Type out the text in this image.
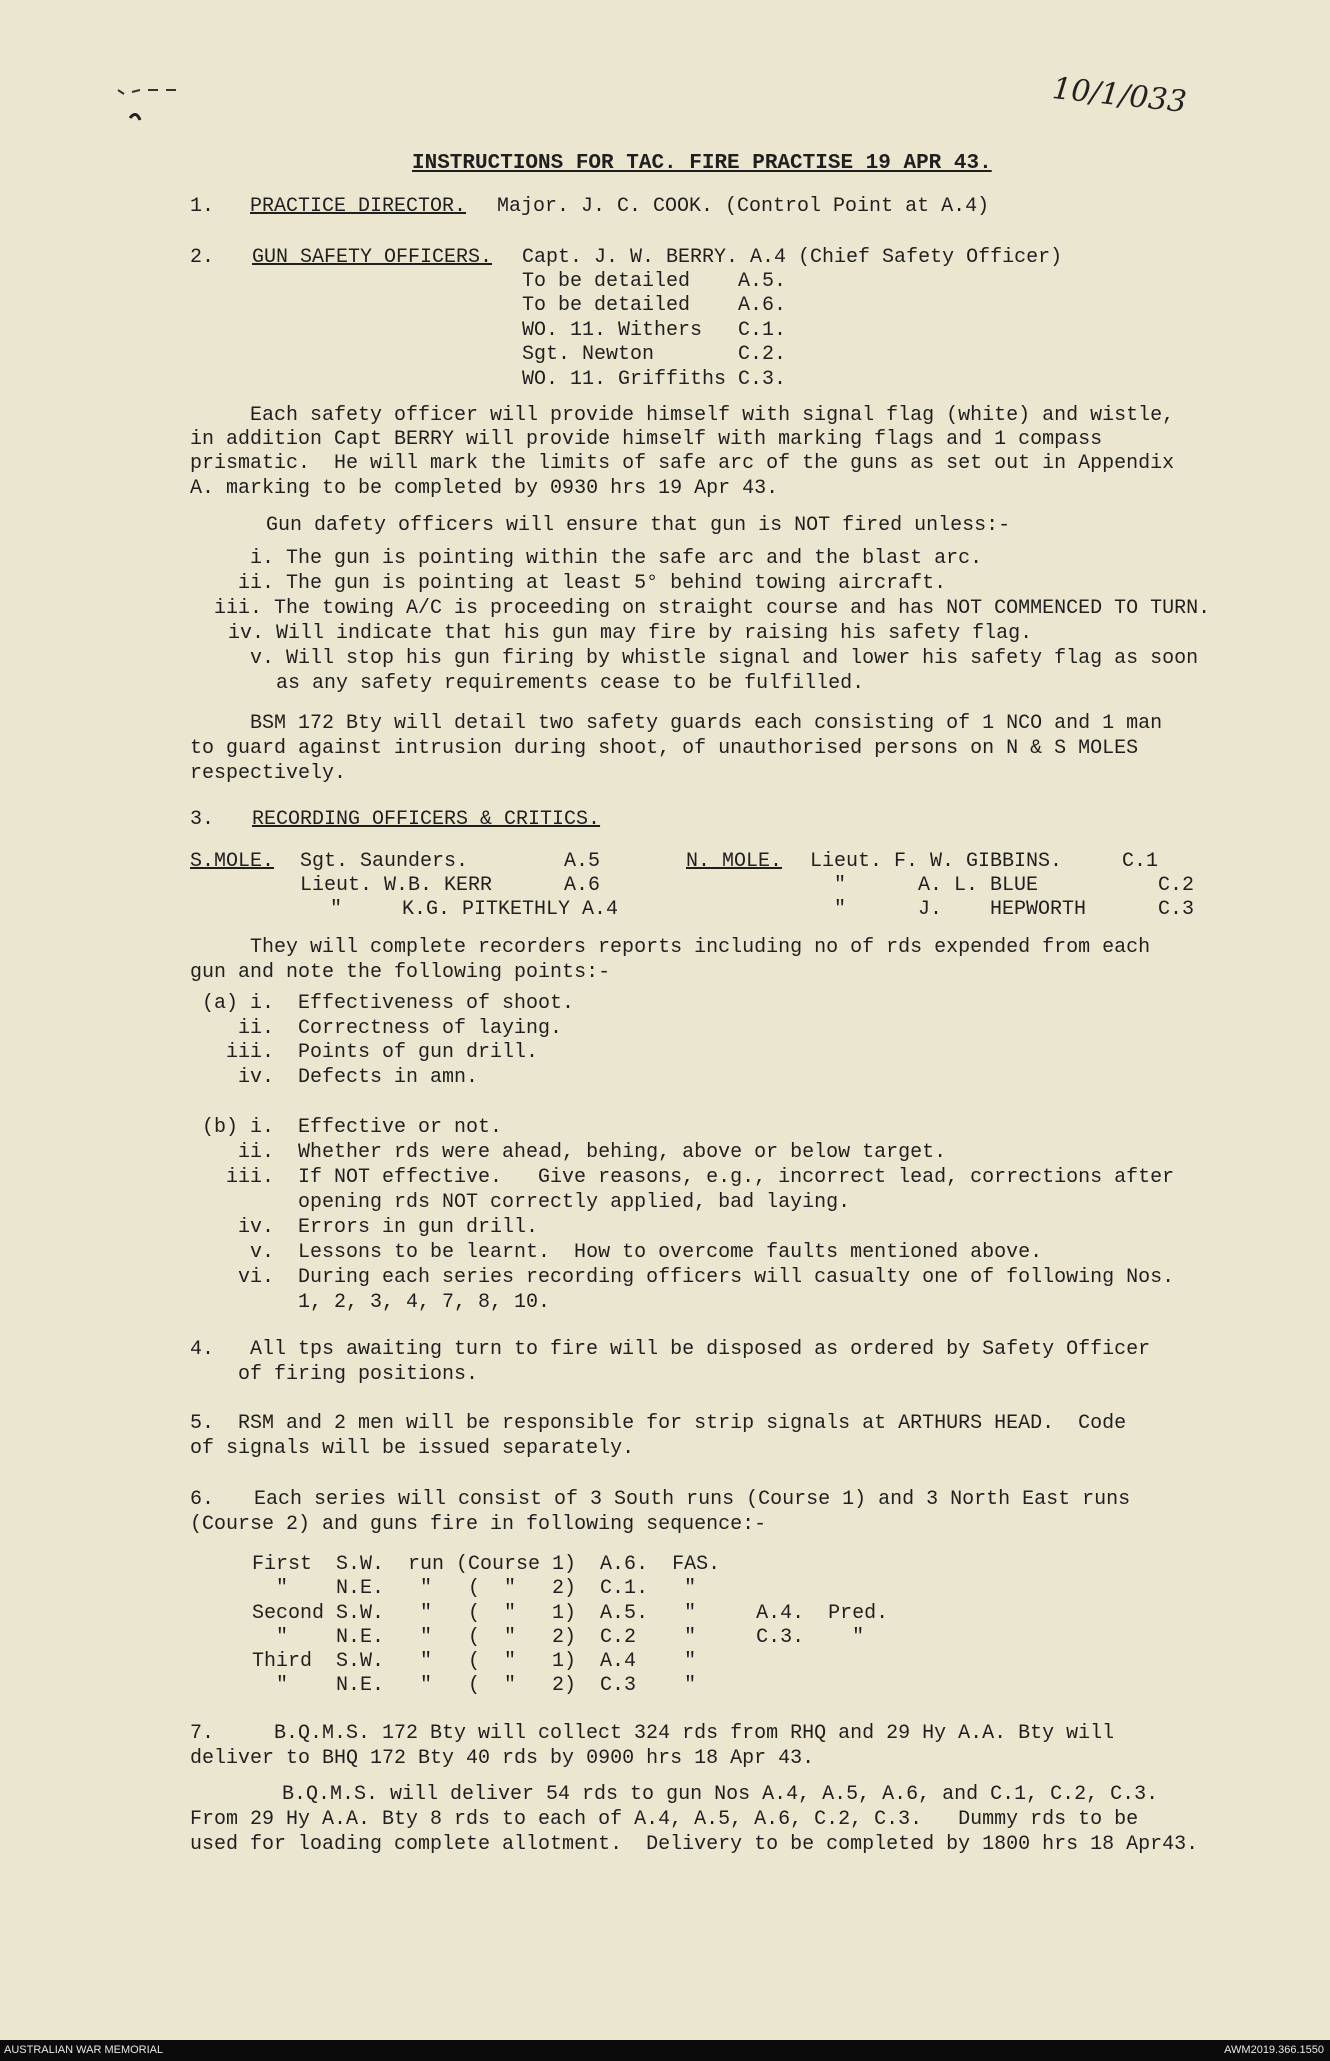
10/1/033
INSTRUCTIONS FOR TAC. FIRE PRACTISE 19 APR 43.
1. PRACTICE DIRECTOR. Major. J. C. COOK. (Control Point at A.4)
2. GUN SAFETY OFFICERS. Capt. J. W. BERRY. A.4 (Chief Safety Officer)
To be detailed    A.5.
To be detailed    A.6.
WO. 11. Withers   C.1.
Sgt. Newton       C.2.
WO. 11. Griffiths C.3.
Each safety officer will provide himself with signal flag (white) and wistle,
in addition Capt BERRY will provide himself with marking flags and 1 compass
prismatic.  He will mark the limits of safe arc of the guns as set out in Appendix
A. marking to be completed by 0930 hrs 19 Apr 43.
Gun dafety officers will ensure that gun is NOT fired unless:-
i. The gun is pointing within the safe arc and the blast arc.
ii. The gun is pointing at least 5° behind towing aircraft.
iii. The towing A/C is proceeding on straight course and has NOT COMMENCED TO TURN.
iv. Will indicate that his gun may fire by raising his safety flag.
v. Will stop his gun firing by whistle signal and lower his safety flag as soon
as any safety requirements cease to be fulfilled.
BSM 172 Bty will detail two safety guards each consisting of 1 NCO and 1 man
to guard against intrusion during shoot, of unauthorised persons on N & S MOLES
respectively.
3. RECORDING OFFICERS & CRITICS.
S.MOLE. Sgt. Saunders.        A.5
Lieut. W.B. KERR      A.6
"     K.G. PITKETHLY A.4
N. MOLE. Lieut. F. W. GIBBINS.     C.1
"      A. L. BLUE          C.2
"      J.    HEPWORTH      C.3
They will complete recorders reports including no of rds expended from each
gun and note the following points:-
(a) i.  Effectiveness of shoot.
ii.  Correctness of laying.
iii.  Points of gun drill.
iv.  Defects in amn.
(b) i.  Effective or not.
ii.  Whether rds were ahead, behing, above or below target.
iii.  If NOT effective.   Give reasons, e.g., incorrect lead, corrections after
opening rds NOT correctly applied, bad laying.
iv.  Errors in gun drill.
v.  Lessons to be learnt.  How to overcome faults mentioned above.
vi.  During each series recording officers will casualty one of following Nos.
1, 2, 3, 4, 7, 8, 10.
4. All tps awaiting turn to fire will be disposed as ordered by Safety Officer
of firing positions.
5. RSM and 2 men will be responsible for strip signals at ARTHURS HEAD.  Code
of signals will be issued separately.
6. Each series will consist of 3 South runs (Course 1) and 3 North East runs
(Course 2) and guns fire in following sequence:-
First  S.W.  run (Course 1)  A.6.  FAS.
"    N.E.   "   (  "   2)  C.1.   "
Second S.W.   "   (  "   1)  A.5.   "     A.4.  Pred.
"    N.E.   "   (  "   2)  C.2    "     C.3.    "
Third  S.W.   "   (  "   1)  A.4    "
"    N.E.   "   (  "   2)  C.3    "
7.	B.Q.M.S. 172 Bty will collect 324 rds from RHQ and 29 Hy A.A. Bty will
deliver to BHQ 172 Bty 40 rds by 0900 hrs 18 Apr 43.
B.Q.M.S. will deliver 54 rds to gun Nos A.4, A.5, A.6, and C.1, C.2, C.3.
From 29 Hy A.A. Bty 8 rds to each of A.4, A.5, A.6, C.2, C.3.   Dummy rds to be
used for loading complete allotment.  Delivery to be completed by 1800 hrs 18 Apr43.
AUSTRALIAN WAR MEMORIAL	AWM2019.366.1550
